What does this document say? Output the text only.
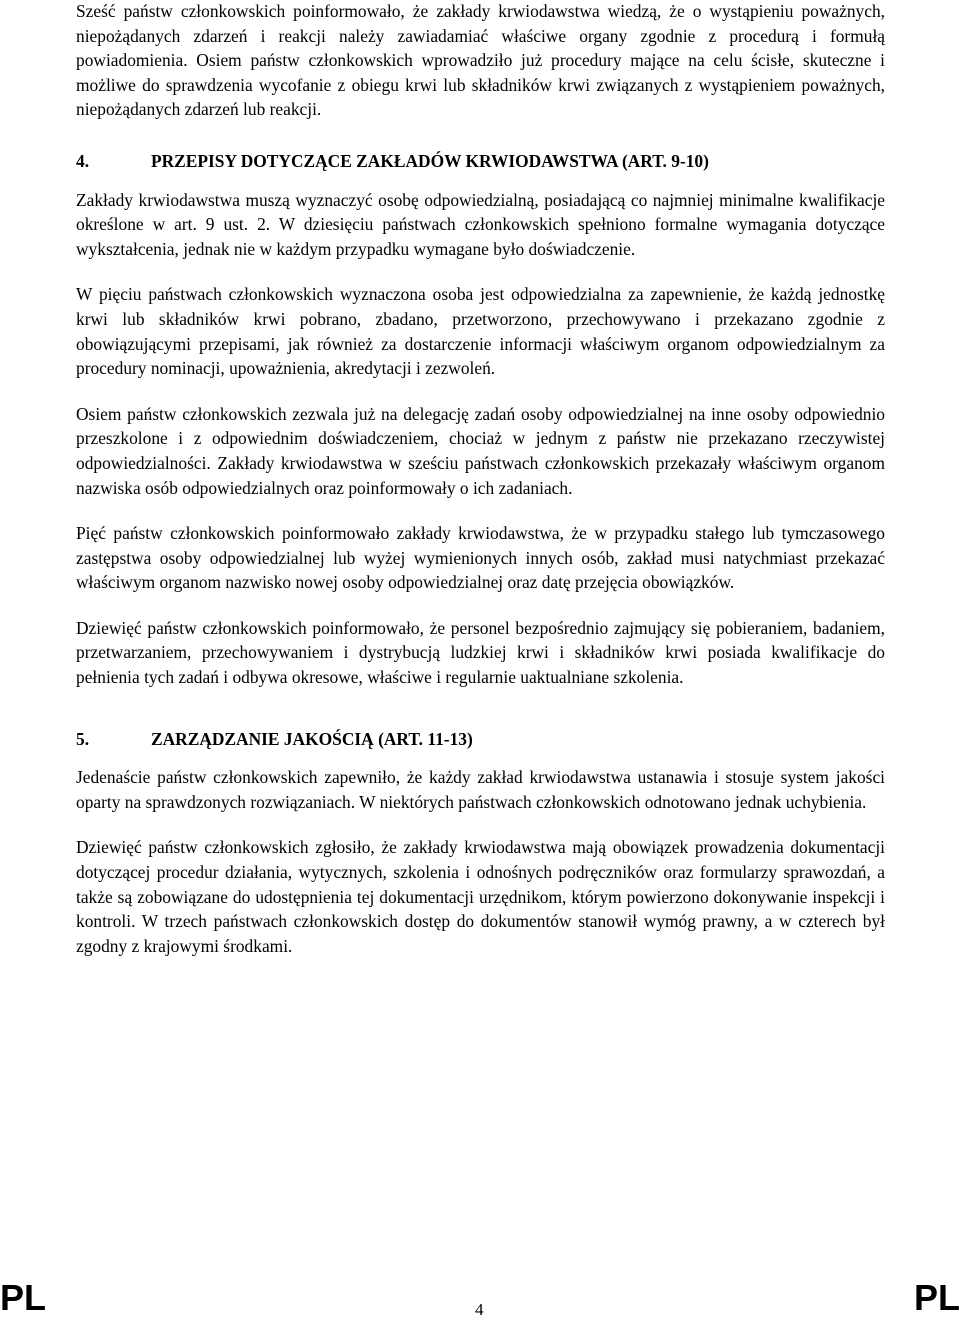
Sześć państw członkowskich poinformowało, że zakłady krwiodawstwa wiedzą, że o wystąpieniu poważnych, niepożądanych zdarzeń i reakcji należy zawiadamiać właściwe organy zgodnie z procedurą i formułą powiadomienia. Osiem państw członkowskich wprowadziło już procedury mające na celu ścisłe, skuteczne i możliwe do sprawdzenia wycofanie z obiegu krwi lub składników krwi związanych z wystąpieniem poważnych, niepożądanych zdarzeń lub reakcji.

4.	PRZEPISY DOTYCZĄCE ZAKŁADÓW KRWIODAWSTWA (ART. 9-10)

Zakłady krwiodawstwa muszą wyznaczyć osobę odpowiedzialną, posiadającą co najmniej minimalne kwalifikacje określone w art. 9 ust. 2. W dziesięciu państwach członkowskich spełniono formalne wymagania dotyczące wykształcenia, jednak nie w każdym przypadku wymagane było doświadczenie.

W pięciu państwach członkowskich wyznaczona osoba jest odpowiedzialna za zapewnienie, że każdą jednostkę krwi lub składników krwi pobrano, zbadano, przetworzono, przechowywano i przekazano zgodnie z obowiązującymi przepisami, jak również za dostarczenie informacji właściwym organom odpowiedzialnym za procedury nominacji, upoważnienia, akredytacji i zezwoleń.

Osiem państw członkowskich zezwala już na delegację zadań osoby odpowiedzialnej na inne osoby odpowiednio przeszkolone i z odpowiednim doświadczeniem, chociaż w jednym z państw nie przekazano rzeczywistej odpowiedzialności. Zakłady krwiodawstwa w sześciu państwach członkowskich przekazały właściwym organom nazwiska osób odpowiedzialnych oraz poinformowały o ich zadaniach.

Pięć państw członkowskich poinformowało zakłady krwiodawstwa, że w przypadku stałego lub tymczasowego zastępstwa osoby odpowiedzialnej lub wyżej wymienionych innych osób, zakład musi natychmiast przekazać właściwym organom nazwisko nowej osoby odpowiedzialnej oraz datę przejęcia obowiązków.

Dziewięć państw członkowskich poinformowało, że personel bezpośrednio zajmujący się pobieraniem, badaniem, przetwarzaniem, przechowywaniem i dystrybucją ludzkiej krwi i składników krwi posiada kwalifikacje do pełnienia tych zadań i odbywa okresowe, właściwe i regularnie uaktualniane szkolenia.

5.	ZARZĄDZANIE JAKOŚCIĄ (ART. 11-13)

Jedenaście państw członkowskich zapewniło, że każdy zakład krwiodawstwa ustanawia i stosuje system jakości oparty na sprawdzonych rozwiązaniach. W niektórych państwach członkowskich odnotowano jednak uchybienia.

Dziewięć państw członkowskich zgłosiło, że zakłady krwiodawstwa mają obowiązek prowadzenia dokumentacji dotyczącej procedur działania, wytycznych, szkolenia i odnośnych podręczników oraz formularzy sprawozdań, a także są zobowiązane do udostępnienia tej dokumentacji urzędnikom, którym powierzono dokonywanie inspekcji i kontroli. W trzech państwach członkowskich dostęp do dokumentów stanowił wymóg prawny, a w czterech był zgodny z krajowymi środkami.

PL	4	PL
